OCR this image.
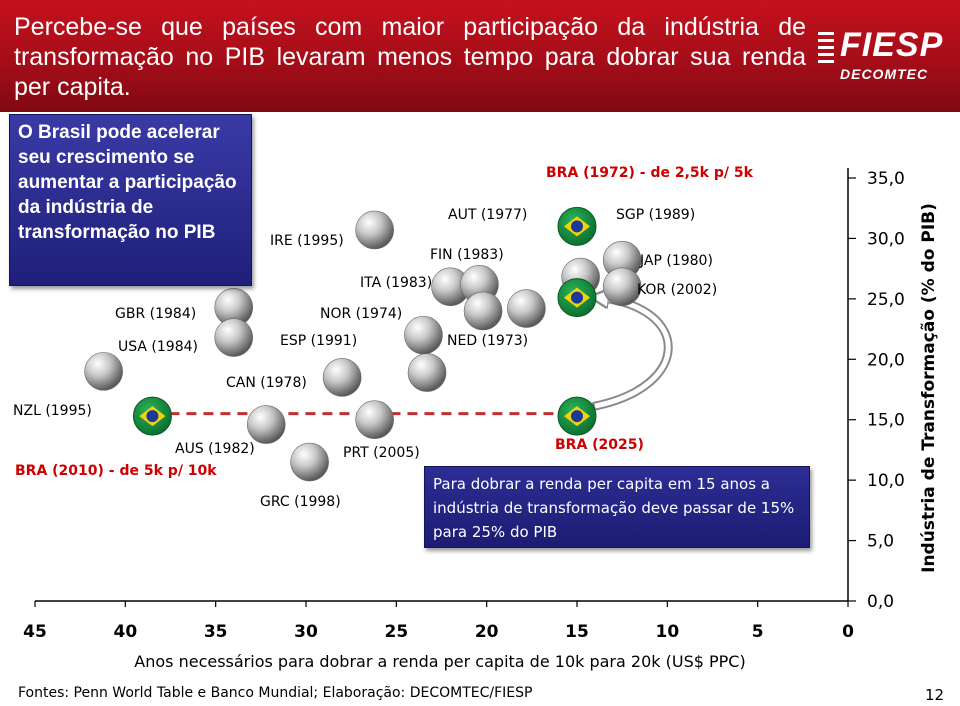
Percebe-se que países com maior participação da indústria de transformação no PIB levaram menos tempo para dobrar sua renda per capita.
FIESP
DECOMTEC
NZL (1995)
GBR (1984)
USA (1984)
AUS (1982)
GRC (1998)
CAN (1978)
IRE (1995)
PRT (2005)
ESP (1991)
NOR (1974)
ITA (1983)
FIN (1983)
NED (1973)
AUT (1977)	SGP (1989)
JAP (1980)
KOR (2002)
BRA (1972) - de 2,5k p/ 5k
BRA (2010) - de 5k p/ 10k
BRA (2025)
45	40	35	30	25	20	15	10	5	0
0,0
5,0
10,0
15,0
20,0
25,0
30,0
35,0
Anos necessários para dobrar a renda per capita de 10k para 20k (US$ PPC)
Indústria de Transformação (% do PIB)
O Brasil pode acelerar seu crescimento se aumentar a participação da indústria de transformação no PIB
Para dobrar a renda per capita em 15 anos a indústria de transformação deve passar de 15% para 25% do PIB
Fontes: Penn World Table e Banco Mundial; Elaboração: DECOMTEC/FIESP	12
